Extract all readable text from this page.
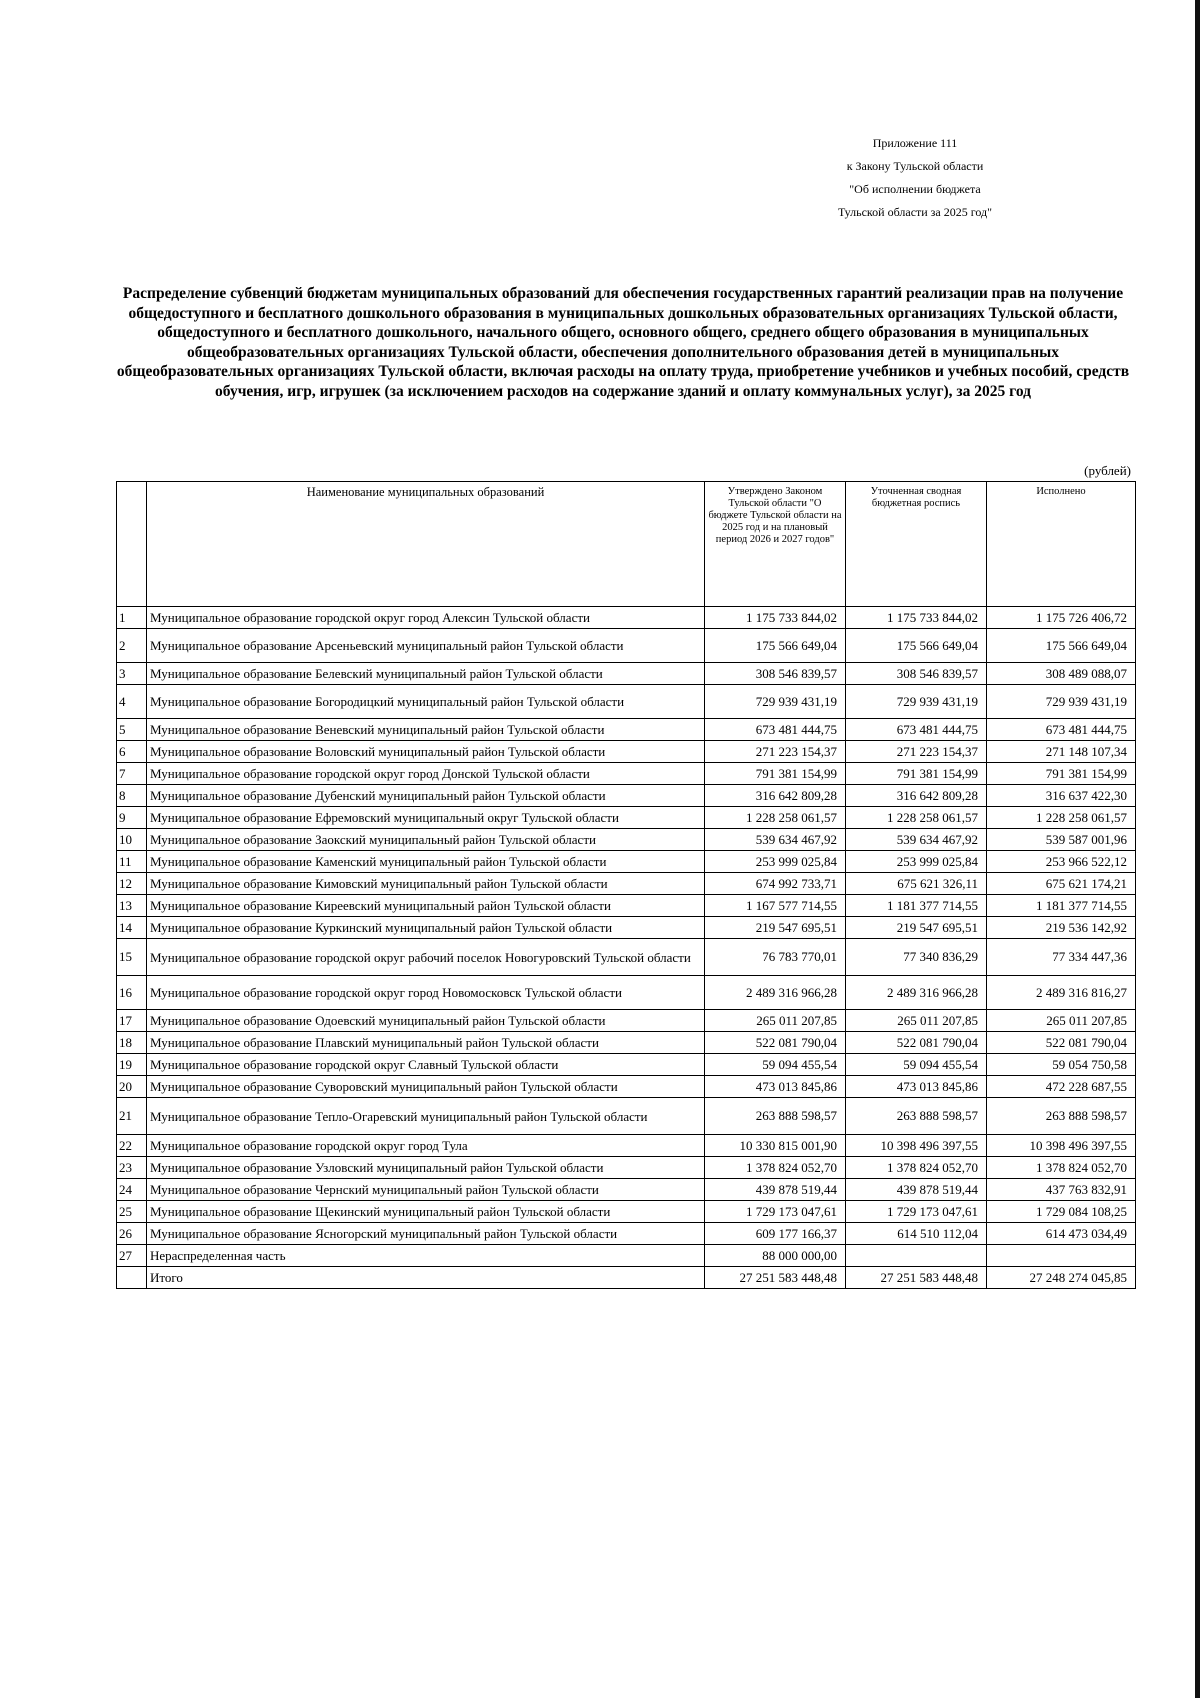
Приложение 111
к Закону Тульской области
"Об исполнении бюджета
Тульской области за 2025 год"
Распределение субвенций бюджетам муниципальных образований для обеспечения государственных гарантий реализации прав на получение общедоступного и бесплатного дошкольного образования в муниципальных дошкольных образовательных организациях Тульской области, общедоступного и бесплатного дошкольного, начального общего, основного общего, среднего общего образования в муниципальных общеобразовательных организациях Тульской области, обеспечения дополнительного образования детей в муниципальных общеобразовательных организациях Тульской области, включая расходы на оплату труда, приобретение учебников и учебных пособий, средств обучения, игр, игрушек (за исключением расходов на содержание зданий и оплату коммунальных услуг), за 2025 год
(рублей)
	Наименование муниципальных образований	Утверждено Законом Тульской области "О бюджете Тульской области на 2025 год и на плановый период 2026 и 2027 годов"	Уточненная сводная бюджетная роспись	Исполнено
1	Муниципальное образование городской округ город Алексин Тульской области	1 175 733 844,02	1 175 733 844,02	1 175 726 406,72
2	Муниципальное образование Арсеньевский муниципальный район Тульской области	175 566 649,04	175 566 649,04	175 566 649,04
3	Муниципальное образование Белевский муниципальный район Тульской области	308 546 839,57	308 546 839,57	308 489 088,07
4	Муниципальное образование Богородицкий муниципальный район Тульской области	729 939 431,19	729 939 431,19	729 939 431,19
5	Муниципальное образование Веневский муниципальный район Тульской области	673 481 444,75	673 481 444,75	673 481 444,75
6	Муниципальное образование Воловский муниципальный район Тульской области	271 223 154,37	271 223 154,37	271 148 107,34
7	Муниципальное образование городской округ город Донской Тульской области	791 381 154,99	791 381 154,99	791 381 154,99
8	Муниципальное образование Дубенский муниципальный район Тульской области	316 642 809,28	316 642 809,28	316 637 422,30
9	Муниципальное образование Ефремовский муниципальный округ Тульской области	1 228 258 061,57	1 228 258 061,57	1 228 258 061,57
10	Муниципальное образование Заокский муниципальный район Тульской области	539 634 467,92	539 634 467,92	539 587 001,96
11	Муниципальное образование Каменский муниципальный район Тульской области	253 999 025,84	253 999 025,84	253 966 522,12
12	Муниципальное образование Кимовский муниципальный район Тульской области	674 992 733,71	675 621 326,11	675 621 174,21
13	Муниципальное образование Киреевский муниципальный район Тульской области	1 167 577 714,55	1 181 377 714,55	1 181 377 714,55
14	Муниципальное образование Куркинский муниципальный район Тульской области	219 547 695,51	219 547 695,51	219 536 142,92
15	Муниципальное образование городской округ рабочий поселок Новогуровский Тульской области	76 783 770,01	77 340 836,29	77 334 447,36
16	Муниципальное образование городской округ город Новомосковск Тульской области	2 489 316 966,28	2 489 316 966,28	2 489 316 816,27
17	Муниципальное образование Одоевский муниципальный район Тульской области	265 011 207,85	265 011 207,85	265 011 207,85
18	Муниципальное образование Плавский муниципальный район Тульской области	522 081 790,04	522 081 790,04	522 081 790,04
19	Муниципальное образование городской округ Славный Тульской области	59 094 455,54	59 094 455,54	59 054 750,58
20	Муниципальное образование Суворовский муниципальный район Тульской области	473 013 845,86	473 013 845,86	472 228 687,55
21	Муниципальное образование Тепло-Огаревский муниципальный район Тульской области	263 888 598,57	263 888 598,57	263 888 598,57
22	Муниципальное образование городской округ город Тула	10 330 815 001,90	10 398 496 397,55	10 398 496 397,55
23	Муниципальное образование Узловский муниципальный район Тульской области	1 378 824 052,70	1 378 824 052,70	1 378 824 052,70
24	Муниципальное образование Чернский муниципальный район Тульской области	439 878 519,44	439 878 519,44	437 763 832,91
25	Муниципальное образование Щекинский муниципальный район Тульской области	1 729 173 047,61	1 729 173 047,61	1 729 084 108,25
26	Муниципальное образование Ясногорский муниципальный район Тульской области	609 177 166,37	614 510 112,04	614 473 034,49
27	Нераспределенная часть	88 000 000,00		
	Итого	27 251 583 448,48	27 251 583 448,48	27 248 274 045,85
